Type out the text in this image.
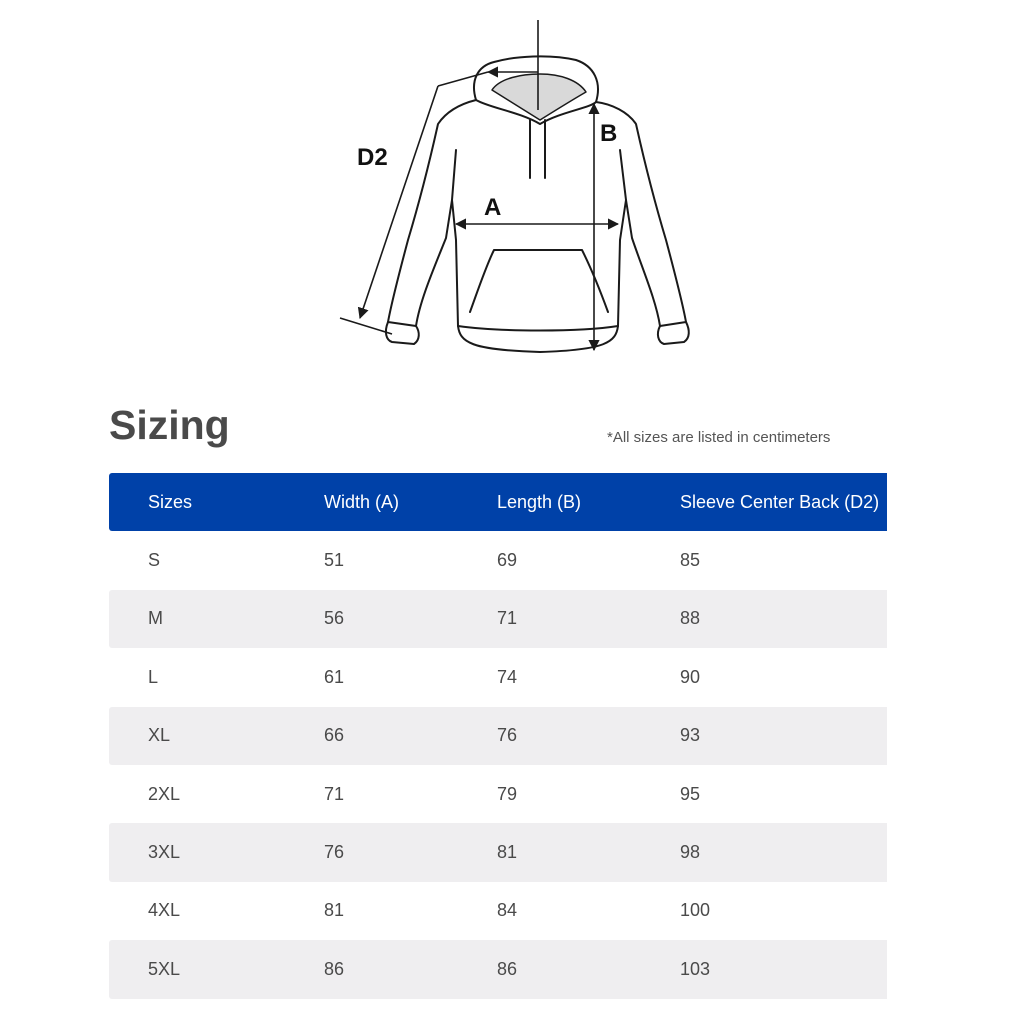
D2
A
B
Sizing	*All sizes are listed in centimeters
Sizes	Width (A)	Length (B)	Sleeve Center Back (D2)
S	51	69	85
M	56	71	88
L	61	74	90
XL	66	76	93
2XL	71	79	95
3XL	76	81	98
4XL	81	84	100
5XL	86	86	103
